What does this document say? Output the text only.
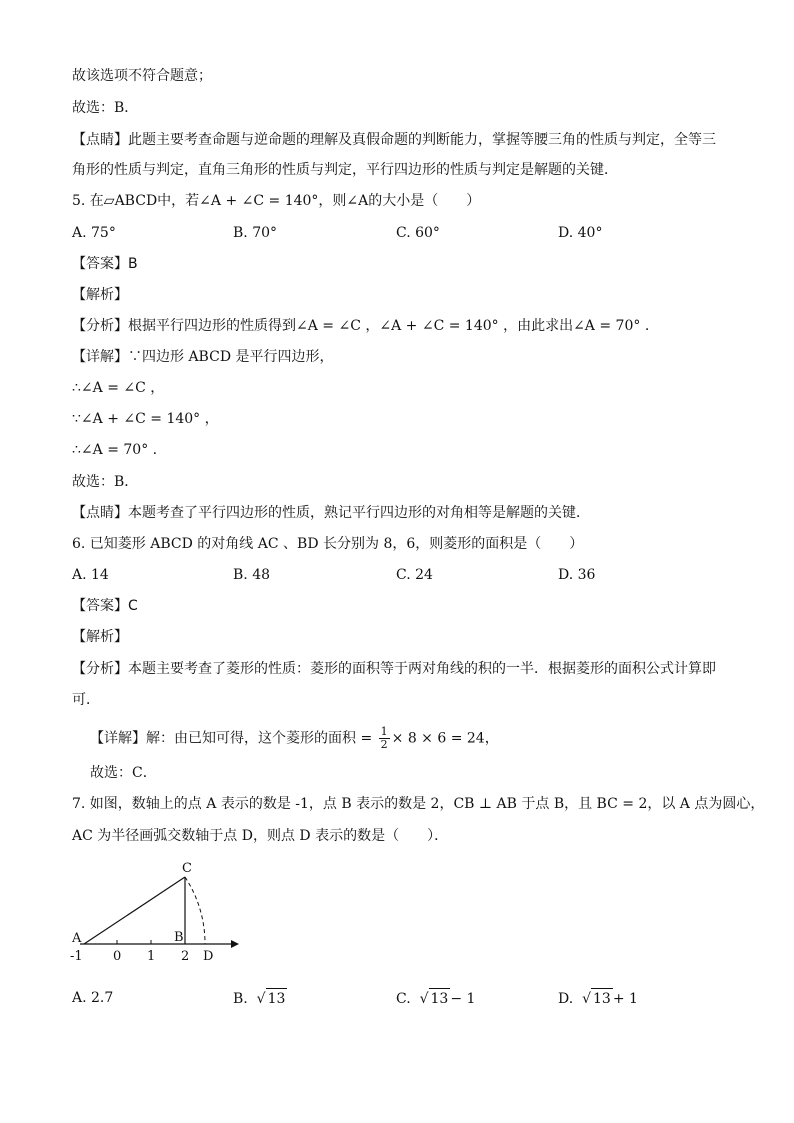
故该选项不符合题意；
故选：B．
【点睛】此题主要考查命题与逆命题的理解及真假命题的判断能力，掌握等腰三角的性质与判定，全等三
角形的性质与判定，直角三角形的性质与判定，平行四边形的性质与判定是解题的关键．
5. 在▱ABCD中，若∠A + ∠C = 140°，则∠A的大小是（　　）
A. 75°	B. 70°	C. 60°	D. 40°
【答案】B
【解析】
【分析】根据平行四边形的性质得到∠A = ∠C ，∠A + ∠C = 140° ，由此求出∠A = 70° .
【详解】∵四边形 ABCD 是平行四边形，
∴∠A = ∠C ，
∵∠A + ∠C = 140° ，
∴∠A = 70° .
故选：B．
【点睛】本题考查了平行四边形的性质，熟记平行四边形的对角相等是解题的关键．
6. 已知菱形 ABCD 的对角线 AC 、BD 长分别为 8，6，则菱形的面积是（　　）
A. 14	B. 48	C. 24	D. 36
【答案】C
【解析】
【分析】本题主要考查了菱形的性质：菱形的面积等于两对角线的积的一半．根据菱形的面积公式计算即
可．
【详解】解：由已知可得，这个菱形的面积 = $\frac{1}{2} \times 8 \times 6 = 24$，
故选：C．
7. 如图，数轴上的点 A 表示的数是 -1，点 B 表示的数是 2，CB ⊥ AB 于点 B，且 BC = 2，以 A 点为圆心，
AC 为半径画弧交数轴于点 D，则点 D 表示的数是（　　）．
C
A	B
-1 0 1 2 D
A. 2.7	B. √ 13	C. √ 13 − 1	D. √ 13 + 1
